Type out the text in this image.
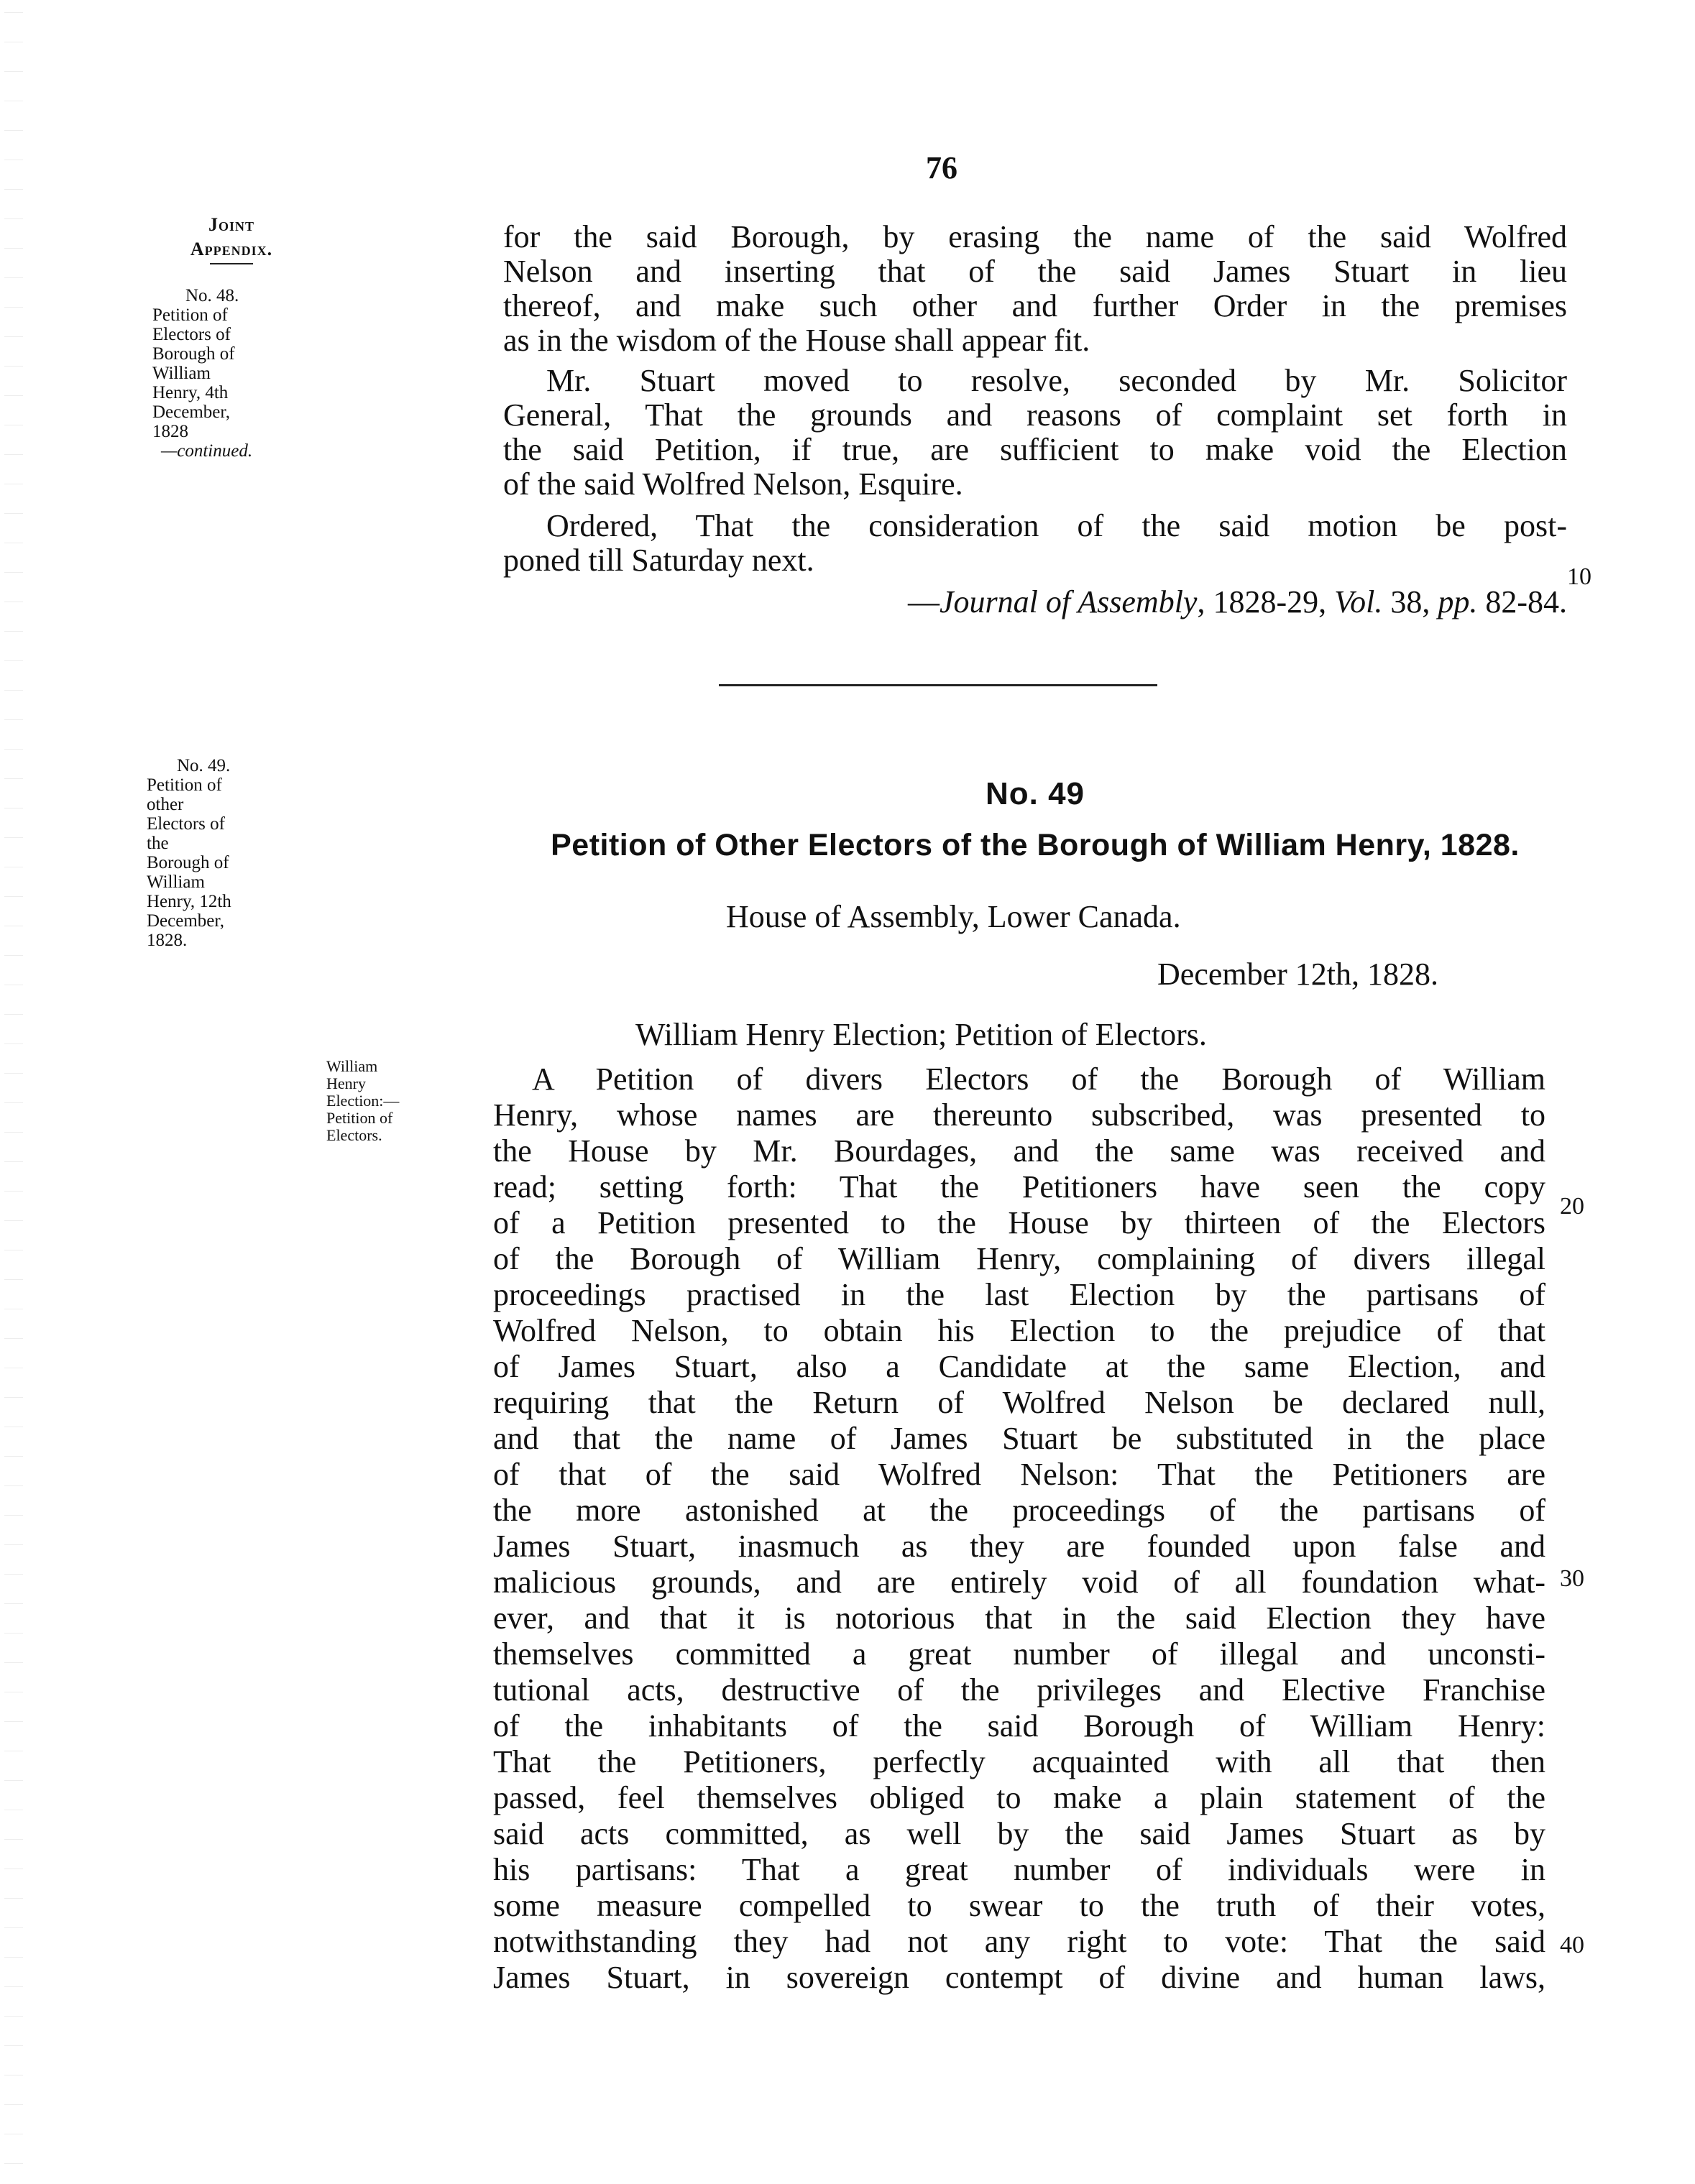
76
Joint
Appendix.
No. 48.
Petition of
Electors of
Borough of
William
Henry, 4th
December,
1828
—continued.
for the said Borough, by erasing the name of the said Wolfred
Nelson and inserting that of the said James Stuart in lieu
thereof, and make such other and further Order in the premises
as in the wisdom of the House shall appear fit.
Mr. Stuart moved to resolve, seconded by Mr. Solicitor
General, That the grounds and reasons of complaint set forth in
the said Petition, if true, are sufficient to make void the Election
of the said Wolfred Nelson, Esquire.
Ordered, That the consideration of the said motion be post-
poned till Saturday next.	10
—Journal of Assembly, 1828-29, Vol. 38, pp. 82-84.
No. 49.
Petition of
other
Electors of
the
Borough of
William
Henry, 12th
December,
1828.
No. 49
Petition of Other Electors of the Borough of William Henry, 1828.
House of Assembly, Lower Canada.
December 12th, 1828.
William Henry Election; Petition of Electors.
William
Henry
Election:—
Petition of
Electors.
A Petition of divers Electors of the Borough of William
Henry, whose names are thereunto subscribed, was presented to
the House by Mr. Bourdages, and the same was received and
read; setting forth: That the Petitioners have seen the copy
20
of a Petition presented to the House by thirteen of the Electors
of the Borough of William Henry, complaining of divers illegal
proceedings practised in the last Election by the partisans of
Wolfred Nelson, to obtain his Election to the prejudice of that
of James Stuart, also a Candidate at the same Election, and
requiring that the Return of Wolfred Nelson be declared null,
and that the name of James Stuart be substituted in the place
of that of the said Wolfred Nelson: That the Petitioners are
the more astonished at the proceedings of the partisans of
James Stuart, inasmuch as they are founded upon false and
30
malicious grounds, and are entirely void of all foundation what-
ever, and that it is notorious that in the said Election they have
themselves committed a great number of illegal and unconsti-
tutional acts, destructive of the privileges and Elective Franchise
of the inhabitants of the said Borough of William Henry:
That the Petitioners, perfectly acquainted with all that then
passed, feel themselves obliged to make a plain statement of the
said acts committed, as well by the said James Stuart as by
his partisans: That a great number of individuals were in
some measure compelled to swear to the truth of their votes,
40
notwithstanding they had not any right to vote: That the said
James Stuart, in sovereign contempt of divine and human laws,
